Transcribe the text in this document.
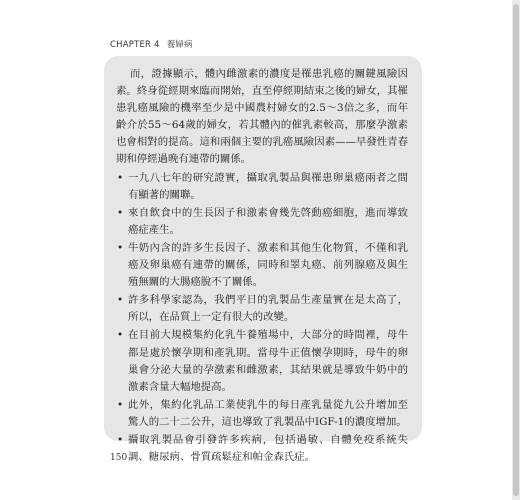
CHAPTER 4 養婦病

而，證據顯示，體內雌激素的濃度是罹患乳癌的關鍵風險因素。終身從經期來臨而開始，直至停經期結束之後的婦女，其罹患乳癌風險的機率至少是中國農村婦女的2.5～3倍之多，而年齡介於55～64歲的婦女，若其體內的催乳素較高，那麼孕激素也會相對的提高。這和兩個主要的乳癌風險因素——早發性青春期和停經過晚有連帶的關係。

• 一九八七年的研究證實，攝取乳製品與罹患卵巢癌兩者之間有顯著的關聯。
• 來自飲食中的生長因子和激素會幾先啓動癌細胞，進而導致癌症產生。
• 牛奶內含的許多生長因子、激素和其他生化物質，不僅和乳癌及卵巢癌有連帶的關係，同時和睪丸癌、前列腺癌及與生殖無關的大腸癌脫不了關係。
• 許多科學家認為，我們平日的乳製品生產量實在是太高了，所以，在品質上一定有很大的改變。
• 在目前大規模集約化乳牛養殖場中，大部分的時間裡，母牛都是處於懷孕期和產乳期。當母牛正值懷孕期時，母牛的卵巢會分泌大量的孕激素和雌激素，其結果就是導致牛奶中的激素含量大幅地提高。
• 此外，集約化乳品工業使乳牛的每日產乳量從九公升增加至驚人的二十二公升，這也導致了乳製品中IGF-1的濃度增加。
• 攝取乳製品會引發許多疾病，包括過敏、自體免疫系統失調、糖尿病、骨質疏鬆症和帕金森氏症。
150
